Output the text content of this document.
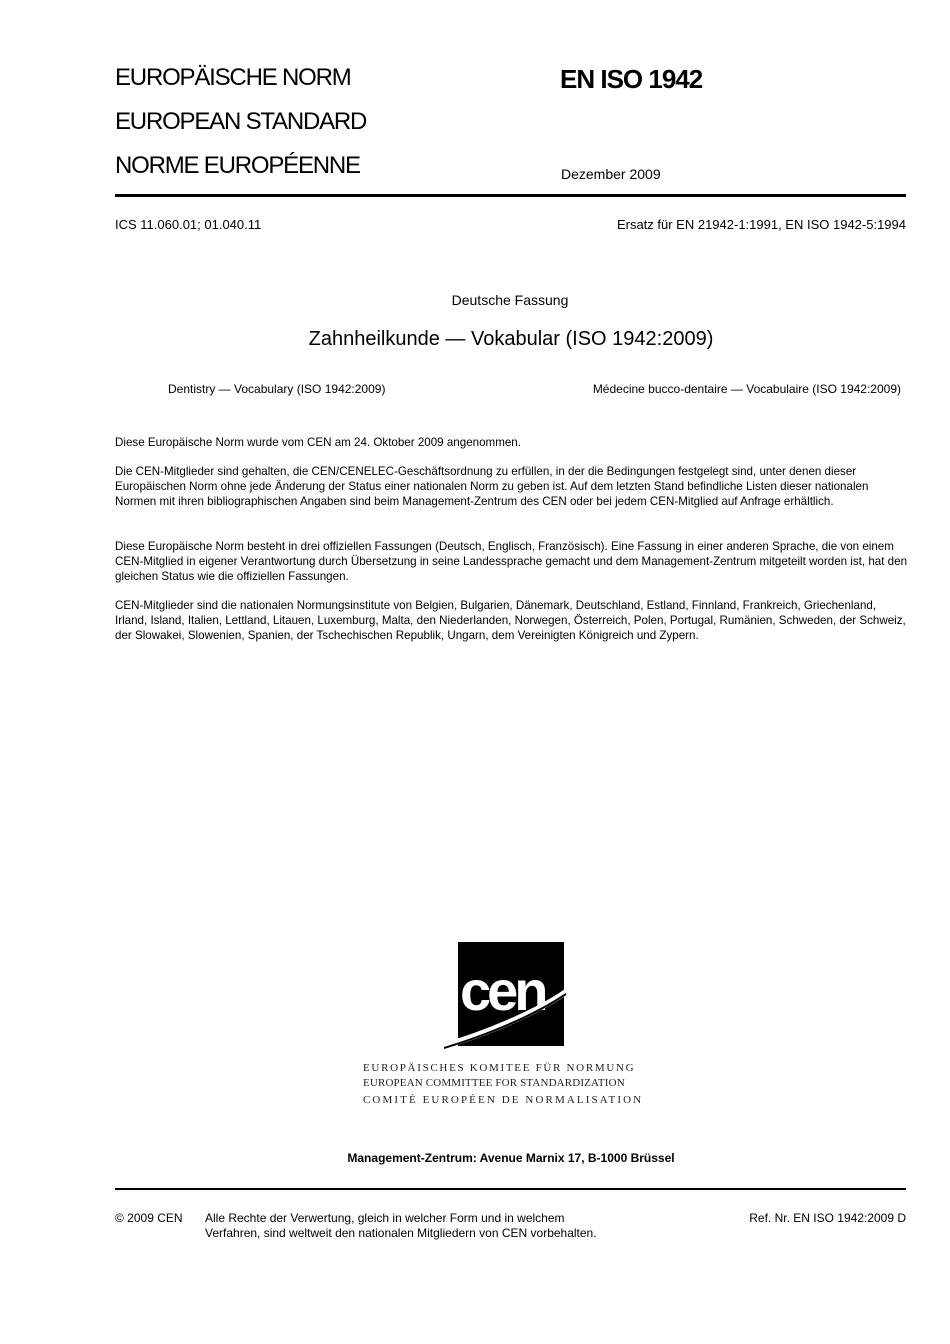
EUROPÄISCHE NORM
EUROPEAN STANDARD
NORME EUROPÉENNE
EN ISO 1942
Dezember 2009
ICS 11.060.01; 01.040.11	Ersatz für EN 21942-1:1991, EN ISO 1942-5:1994
Deutsche Fassung
Zahnheilkunde — Vokabular (ISO 1942:2009)
Dentistry — Vocabulary (ISO 1942:2009)	Médecine bucco-dentaire — Vocabulaire (ISO 1942:2009)
Diese Europäische Norm wurde vom CEN am 24. Oktober 2009 angenommen.
Die CEN-Mitglieder sind gehalten, die CEN/CENELEC-Geschäftsordnung zu erfüllen, in der die Bedingungen festgelegt sind, unter denen dieser Europäischen Norm ohne jede Änderung der Status einer nationalen Norm zu geben ist. Auf dem letzten Stand befindliche Listen dieser nationalen Normen mit ihren bibliographischen Angaben sind beim Management-Zentrum des CEN oder bei jedem CEN-Mitglied auf Anfrage erhältlich.
Diese Europäische Norm besteht in drei offiziellen Fassungen (Deutsch, Englisch, Französisch). Eine Fassung in einer anderen Sprache, die von einem CEN-Mitglied in eigener Verantwortung durch Übersetzung in seine Landessprache gemacht und dem Management-Zentrum mitgeteilt worden ist, hat den gleichen Status wie die offiziellen Fassungen.
CEN-Mitglieder sind die nationalen Normungsinstitute von Belgien, Bulgarien, Dänemark, Deutschland, Estland, Finnland, Frankreich, Griechenland, Irland, Island, Italien, Lettland, Litauen, Luxemburg, Malta, den Niederlanden, Norwegen, Österreich, Polen, Portugal, Rumänien, Schweden, der Schweiz, der Slowakei, Slowenien, Spanien, der Tschechischen Republik, Ungarn, dem Vereinigten Königreich und Zypern.
cen
EUROPÄISCHES KOMITEE FÜR NORMUNG
EUROPEAN COMMITTEE FOR STANDARDIZATION
COMITÉ EUROPÉEN DE NORMALISATION
Management-Zentrum: Avenue Marnix 17, B-1000 Brüssel
© 2009 CEN Alle Rechte der Verwertung, gleich in welcher Form und in welchem
Verfahren, sind weltweit den nationalen Mitgliedern von CEN vorbehalten.
Ref. Nr. EN ISO 1942:2009 D
